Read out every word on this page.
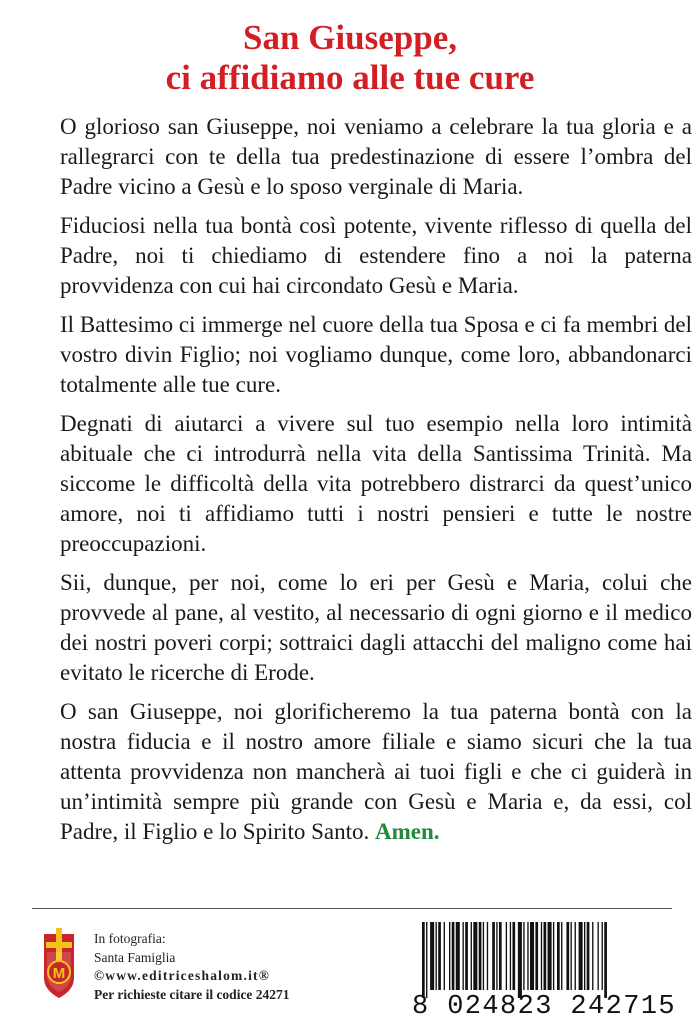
San Giuseppe,
ci affidiamo alle tue cure

O glorioso san Giuseppe, noi veniamo a celebrare la tua gloria e a rallegrarci con te della tua predestinazione di essere l’ombra del Padre vicino a Gesù e lo sposo verginale di Maria.

Fiduciosi nella tua bontà così potente, vivente riflesso di quella del Padre, noi ti chiediamo di estendere fino a noi la paterna provvidenza con cui hai circondato Gesù e Maria.

Il Battesimo ci immerge nel cuore della tua Sposa e ci fa membri del vostro divin Figlio; noi vogliamo dunque, come loro, abbandonarci totalmente alle tue cure.

Degnati di aiutarci a vivere sul tuo esempio nella loro intimità abituale che ci introdurrà nella vita della Santissima Trinità. Ma siccome le difficoltà della vita potrebbero distrarci da quest’unico amore, noi ti affidiamo tutti i nostri pensieri e tutte le nostre preoccupazioni.

Sii, dunque, per noi, come lo eri per Gesù e Maria, colui che provvede al pane, al vestito, al necessario di ogni giorno e il medico dei nostri poveri corpi; sottraici dagli attacchi del maligno come hai evitato le ricerche di Erode.

O san Giuseppe, noi glorificheremo la tua paterna bontà con la nostra fiducia e il nostro amore filiale e siamo sicuri che la tua attenta provvidenza non mancherà ai tuoi figli e che ci guiderà in un’intimità sempre più grande con Gesù e Maria e, da essi, col Padre, il Figlio e lo Spirito Santo. Amen.

M
In fotografia:
Santa Famiglia
©www.editriceshalom.it®
Per richieste citare il codice 24271	8 024823 242715
